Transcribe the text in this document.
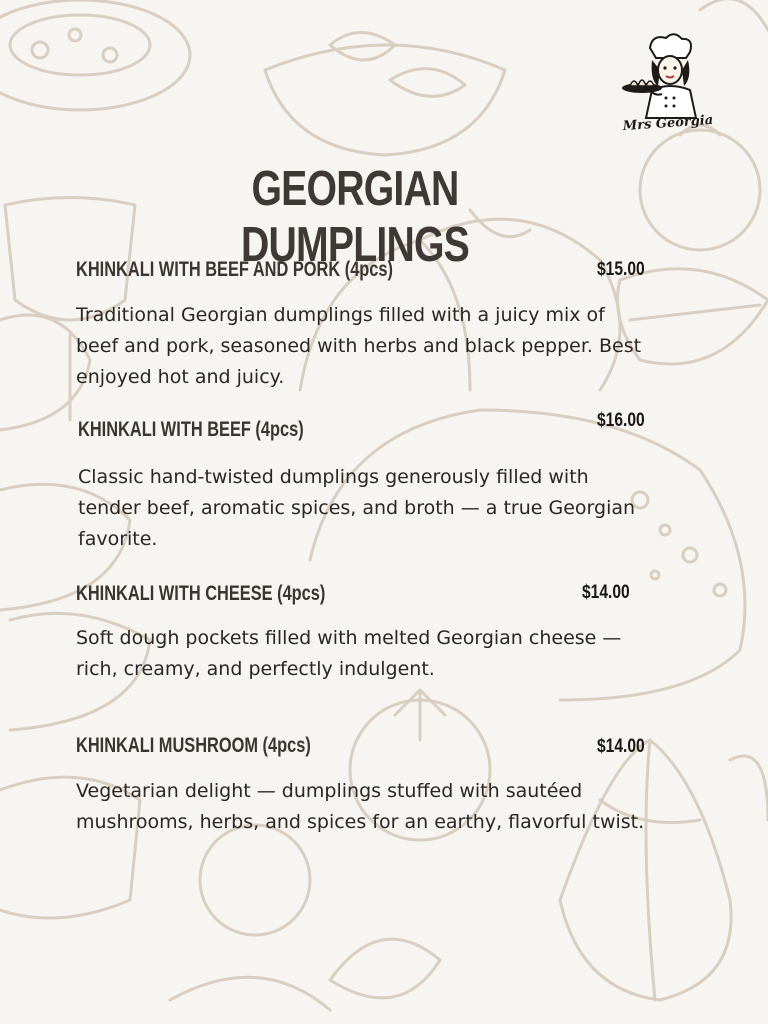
Mrs Georgia
GEORGIAN DUMPLINGS
KHINKALI WITH BEEF AND PORK (4pcs)	$15.00

Traditional Georgian dumplings filled with a juicy mix of beef and pork, seasoned with herbs and black pepper. Best enjoyed hot and juicy.

KHINKALI WITH BEEF (4pcs)	$16.00

Classic hand-twisted dumplings generously filled with tender beef, aromatic spices, and broth — a true Georgian favorite.

KHINKALI WITH CHEESE (4pcs)	$14.00

Soft dough pockets filled with melted Georgian cheese — rich, creamy, and perfectly indulgent.

KHINKALI MUSHROOM (4pcs)	$14.00

Vegetarian delight — dumplings stuffed with sautéed mushrooms, herbs, and spices for an earthy, flavorful twist.
